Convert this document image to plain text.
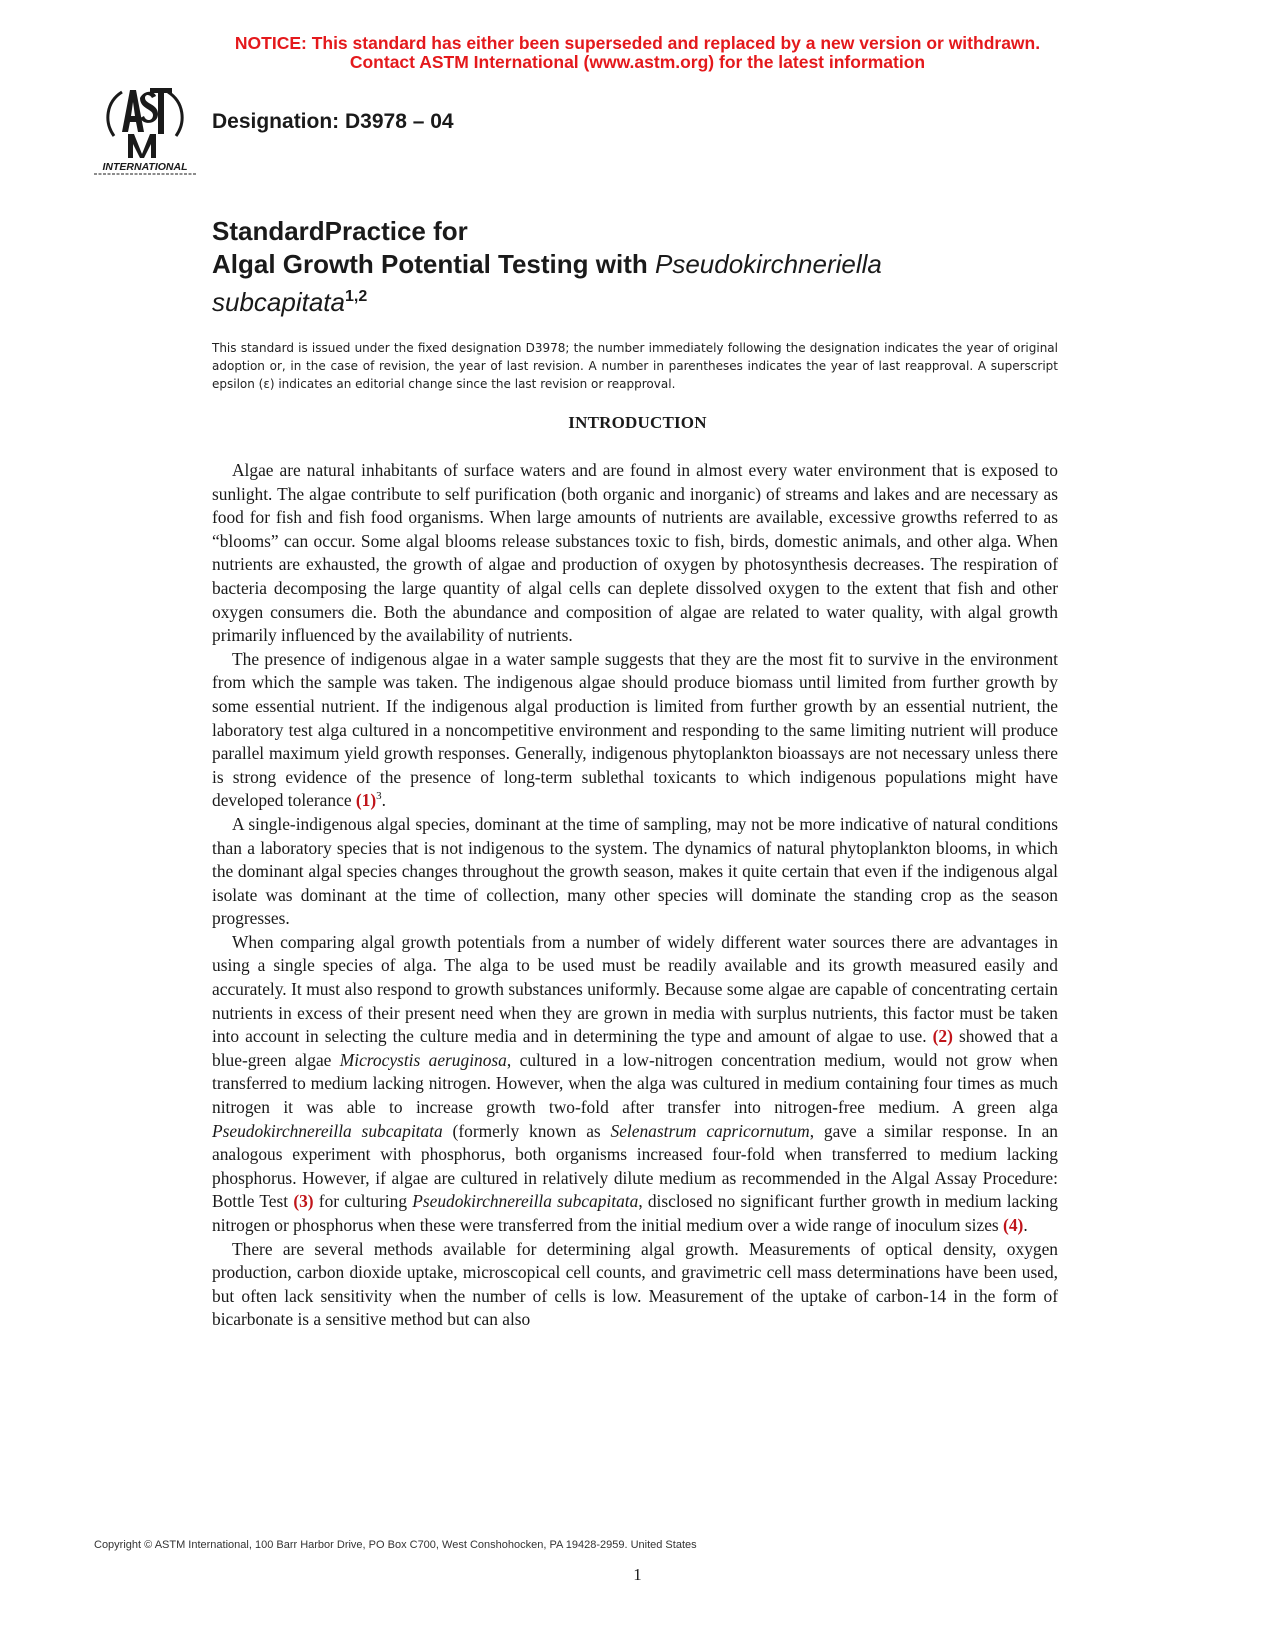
NOTICE: This standard has either been superseded and replaced by a new version or withdrawn.
Contact ASTM International (www.astm.org) for the latest information
INTERNATIONAL
Designation: D3978 – 04
StandardPractice for
Algal Growth Potential Testing with Pseudokirchneriella
subcapitata$^{1,2}$
This standard is issued under the fixed designation D3978; the number immediately following the designation indicates the year of original adoption or, in the case of revision, the year of last revision. A number in parentheses indicates the year of last reapproval. A superscript epsilon (ε) indicates an editorial change since the last revision or reapproval.
INTRODUCTION

Algae are natural inhabitants of surface waters and are found in almost every water environment that is exposed to sunlight. The algae contribute to self purification (both organic and inorganic) of streams and lakes and are necessary as food for fish and fish food organisms. When large amounts of nutrients are available, excessive growths referred to as “blooms” can occur. Some algal blooms release substances toxic to fish, birds, domestic animals, and other alga. When nutrients are exhausted, the growth of algae and production of oxygen by photosynthesis decreases. The respiration of bacteria decomposing the large quantity of algal cells can deplete dissolved oxygen to the extent that fish and other oxygen consumers die. Both the abundance and composition of algae are related to water quality, with algal growth primarily influenced by the availability of nutrients.

The presence of indigenous algae in a water sample suggests that they are the most fit to survive in the environment from which the sample was taken. The indigenous algae should produce biomass until limited from further growth by some essential nutrient. If the indigenous algal production is limited from further growth by an essential nutrient, the laboratory test alga cultured in a noncompetitive environment and responding to the same limiting nutrient will produce parallel maximum yield growth responses. Generally, indigenous phytoplankton bioassays are not necessary unless there is strong evidence of the presence of long-term sublethal toxicants to which indigenous populations might have developed tolerance $(1)^3$.

A single-indigenous algal species, dominant at the time of sampling, may not be more indicative of natural conditions than a laboratory species that is not indigenous to the system. The dynamics of natural phytoplankton blooms, in which the dominant algal species changes throughout the growth season, makes it quite certain that even if the indigenous algal isolate was dominant at the time of collection, many other species will dominate the standing crop as the season progresses.

When comparing algal growth potentials from a number of widely different water sources there are advantages in using a single species of alga. The alga to be used must be readily available and its growth measured easily and accurately. It must also respond to growth substances uniformly. Because some algae are capable of concentrating certain nutrients in excess of their present need when they are grown in media with surplus nutrients, this factor must be taken into account in selecting the culture media and in determining the type and amount of algae to use. (2) showed that a blue-green algae Microcystis aeruginosa, cultured in a low-nitrogen concentration medium, would not grow when transferred to medium lacking nitrogen. However, when the alga was cultured in medium containing four times as much nitrogen it was able to increase growth two-fold after transfer into nitrogen-free medium. A green alga Pseudokirchnereilla subcapitata (formerly known as Selenastrum capricornutum, gave a similar response. In an analogous experiment with phosphorus, both organisms increased four-fold when transferred to medium lacking phosphorus. However, if algae are cultured in relatively dilute medium as recommended in the Algal Assay Procedure: Bottle Test (3) for culturing Pseudokirchnereilla subcapitata, disclosed no significant further growth in medium lacking nitrogen or phosphorus when these were transferred from the initial medium over a wide range of inoculum sizes (4).

There are several methods available for determining algal growth. Measurements of optical density, oxygen production, carbon dioxide uptake, microscopical cell counts, and gravimetric cell mass determinations have been used, but often lack sensitivity when the number of cells is low. Measurement of the uptake of carbon-14 in the form of bicarbonate is a sensitive method but can also

Copyright © ASTM International, 100 Barr Harbor Drive, PO Box C700, West Conshohocken, PA 19428-2959. United States
1
